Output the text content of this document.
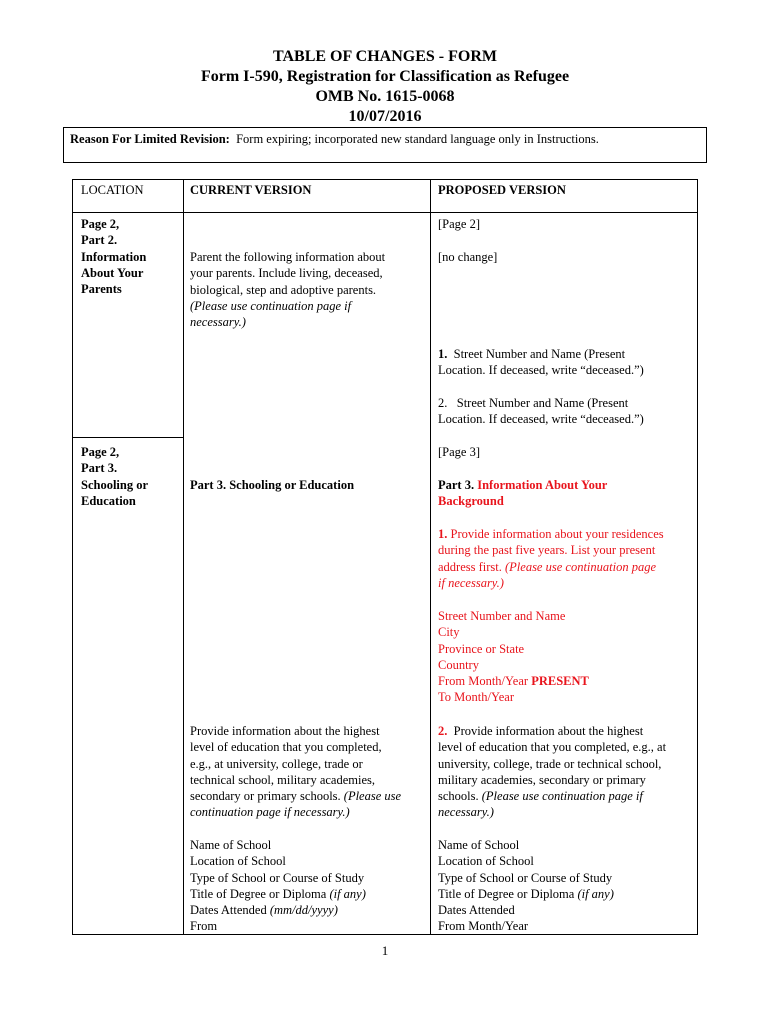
TABLE OF CHANGES - FORM
Form I-590, Registration for Classification as Refugee
OMB No. 1615-0068
10/07/2016
Reason For Limited Revision: Form expiring; incorporated new standard language only in Instructions.
LOCATION	CURRENT VERSION	PROPOSED VERSION
Page 2,
Part 2.
Information
About Your
Parents
Parent the following information about
your parents. Include living, deceased,
biological, step and adoptive parents.
(Please use continuation page if
necessary.)
[Page 2]
[no change]
1. Street Number and Name (Present
Location. If deceased, write “deceased.”)
2. Street Number and Name (Present
Location. If deceased, write “deceased.”)
Page 2,
Part 3.
Schooling or
Education
Part 3. Schooling or Education
Provide information about the highest
level of education that you completed,
e.g., at university, college, trade or
technical school, military academies,
secondary or primary schools. (Please use
continuation page if necessary.)
Name of School
Location of School
Type of School or Course of Study
Title of Degree or Diploma (if any)
Dates Attended (mm/dd/yyyy)
From
[Page 3]
Part 3. Information About Your
Background
1. Provide information about your residences
during the past five years. List your present
address first. (Please use continuation page
if necessary.)
Street Number and Name
City
Province or State
Country
From Month/Year PRESENT
To Month/Year
2. Provide information about the highest
level of education that you completed, e.g., at
university, college, trade or technical school,
military academies, secondary or primary
schools. (Please use continuation page if
necessary.)
Name of School
Location of School
Type of School or Course of Study
Title of Degree or Diploma (if any)
Dates Attended
From Month/Year
1
